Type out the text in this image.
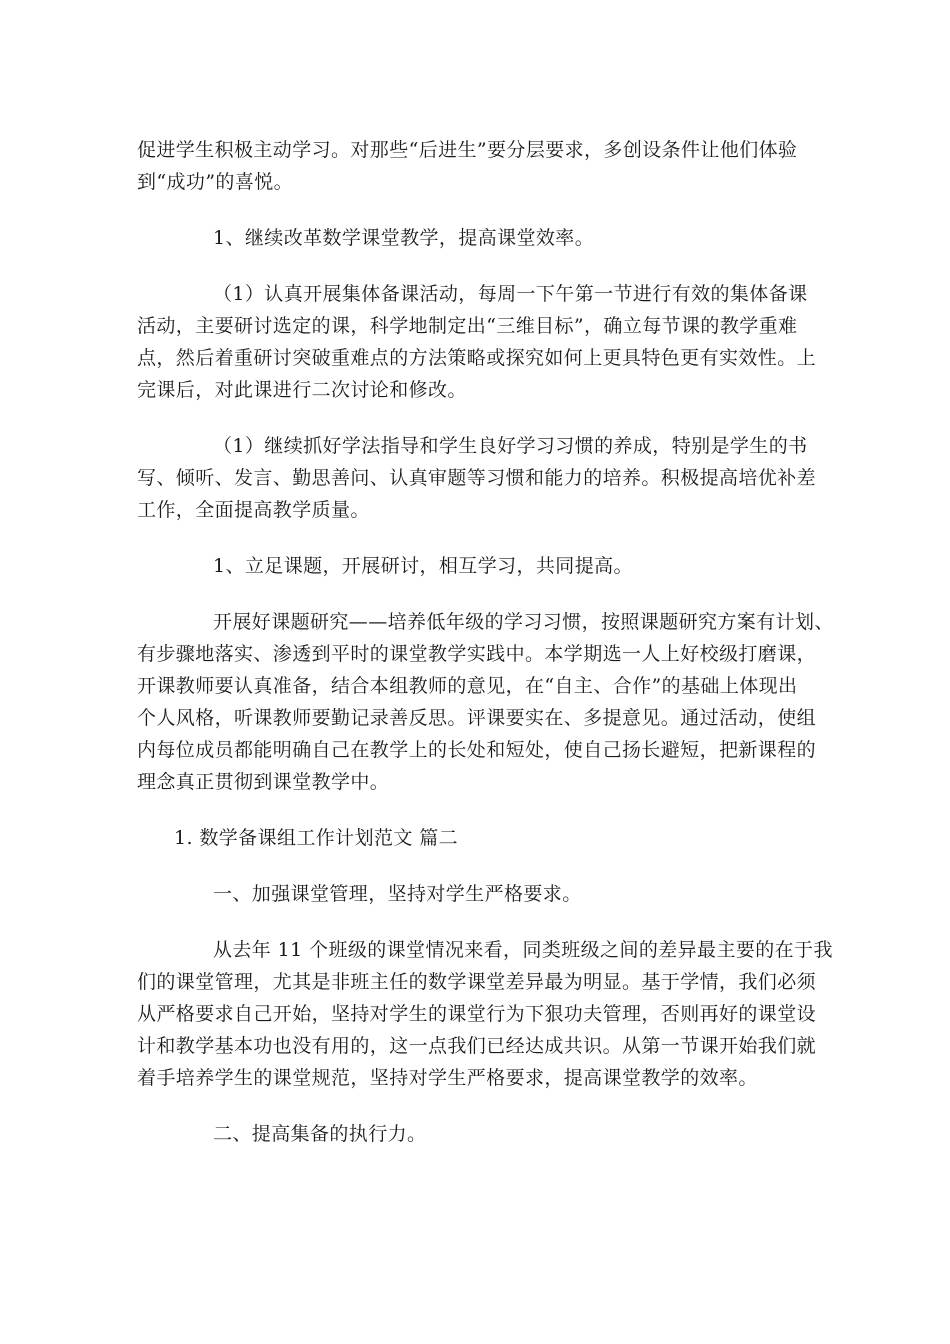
促进学生积极主动学习。对那些“后进生”要分层要求，多创设条件让他们体验
到“成功”的喜悦。
1、继续改革数学课堂教学，提高课堂效率。
（1）认真开展集体备课活动，每周一下午第一节进行有效的集体备课
活动，主要研讨选定的课，科学地制定出“三维目标”，确立每节课的教学重难
点，然后着重研讨突破重难点的方法策略或探究如何上更具特色更有实效性。上
完课后，对此课进行二次讨论和修改。
（1）继续抓好学法指导和学生良好学习习惯的养成，特别是学生的书
写、倾听、发言、勤思善问、认真审题等习惯和能力的培养。积极提高培优补差
工作，全面提高教学质量。
1、立足课题，开展研讨，相互学习，共同提高。
开展好课题研究——培养低年级的学习习惯，按照课题研究方案有计划、
有步骤地落实、渗透到平时的课堂教学实践中。本学期选一人上好校级打磨课，
开课教师要认真准备，结合本组教师的意见，在“自主、合作”的基础上体现出
个人风格，听课教师要勤记录善反思。评课要实在、多提意见。通过活动，使组
内每位成员都能明确自己在教学上的长处和短处，使自己扬长避短，把新课程的
理念真正贯彻到课堂教学中。
1. 数学备课组工作计划范文 篇二
一、加强课堂管理，坚持对学生严格要求。
从去年 11 个班级的课堂情况来看，同类班级之间的差异最主要的在于我
们的课堂管理，尤其是非班主任的数学课堂差异最为明显。基于学情，我们必须
从严格要求自己开始，坚持对学生的课堂行为下狠功夫管理，否则再好的课堂设
计和教学基本功也没有用的，这一点我们已经达成共识。从第一节课开始我们就
着手培养学生的课堂规范，坚持对学生严格要求，提高课堂教学的效率。
二、提高集备的执行力。
